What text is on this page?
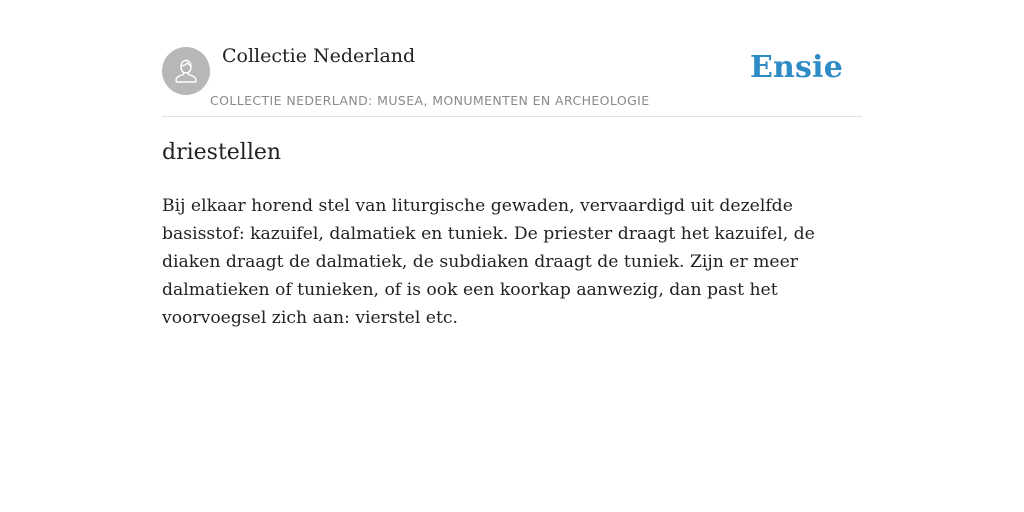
Collectie Nederland
COLLECTIE NEDERLAND: MUSEA, MONUMENTEN EN ARCHEOLOGIE
Ensie
driestellen
Bij elkaar horend stel van liturgische gewaden, vervaardigd uit dezelfde basisstof: kazuifel, dalmatiek en tuniek. De priester draagt het kazuifel, de diaken draagt de dalmatiek, de subdiaken draagt de tuniek. Zijn er meer dalmatieken of tunieken, of is ook een koorkap aanwezig, dan past het voorvoegsel zich aan: vierstel etc.
